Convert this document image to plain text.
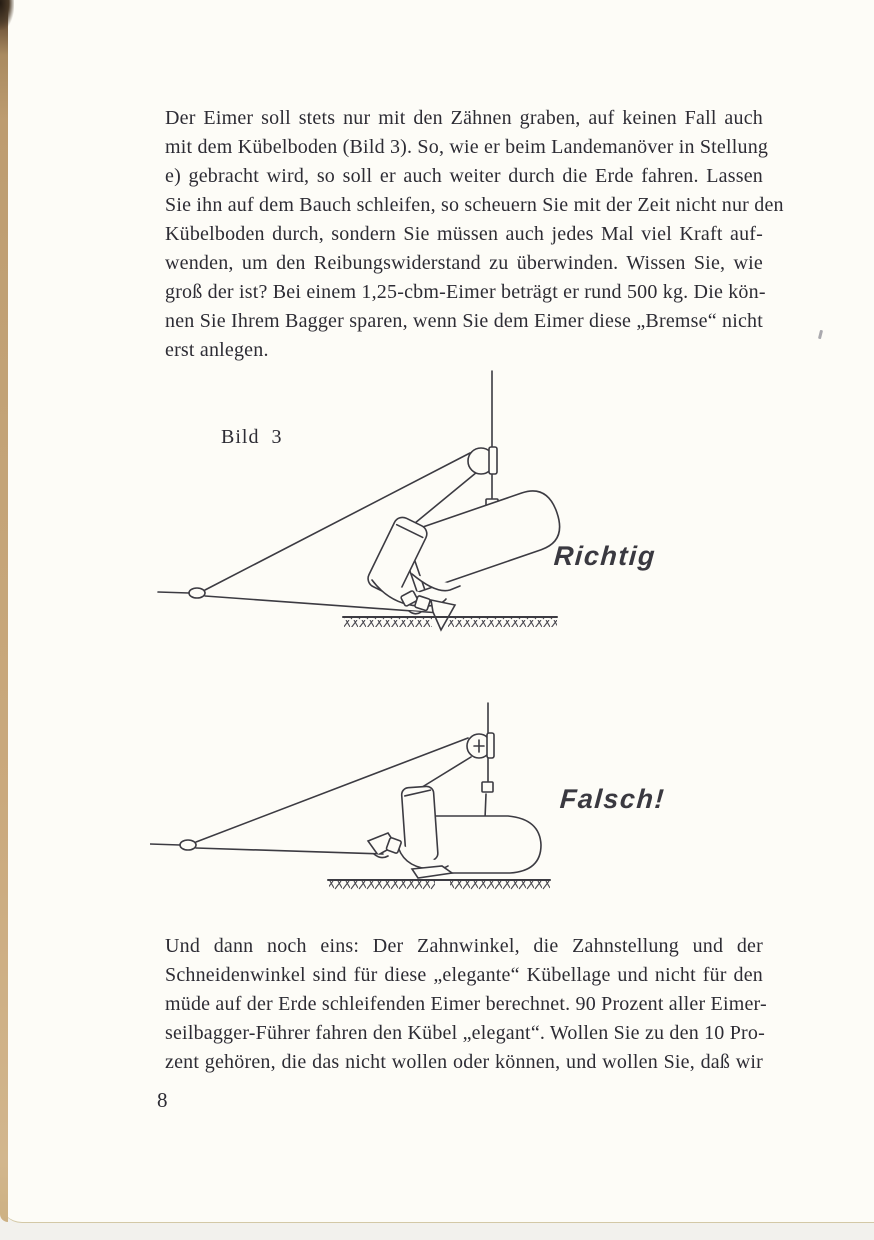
Der Eimer soll stets nur mit den Zähnen graben, auf keinen Fall auch
mit dem Kübelboden (Bild 3). So, wie er beim Landemanöver in Stellung
e) gebracht wird, so soll er auch weiter durch die Erde fahren. Lassen
Sie ihn auf dem Bauch schleifen, so scheuern Sie mit der Zeit nicht nur den
Kübelboden durch, sondern Sie müssen auch jedes Mal viel Kraft auf-
wenden, um den Reibungswiderstand zu überwinden. Wissen Sie, wie
groß der ist? Bei einem 1,25-cbm-Eimer beträgt er rund 500 kg. Die kön-
nen Sie Ihrem Bagger sparen, wenn Sie dem Eimer diese „Bremse“ nicht
erst anlegen.
Bild 3
Richtig
Falsch!
Und dann noch eins: Der Zahnwinkel, die Zahnstellung und der
Schneidenwinkel sind für diese „elegante“ Kübellage und nicht für den
müde auf der Erde schleifenden Eimer berechnet. 90 Prozent aller Eimer-
seilbagger-Führer fahren den Kübel „elegant“. Wollen Sie zu den 10 Pro-
zent gehören, die das nicht wollen oder können, und wollen Sie, daß wir
8
